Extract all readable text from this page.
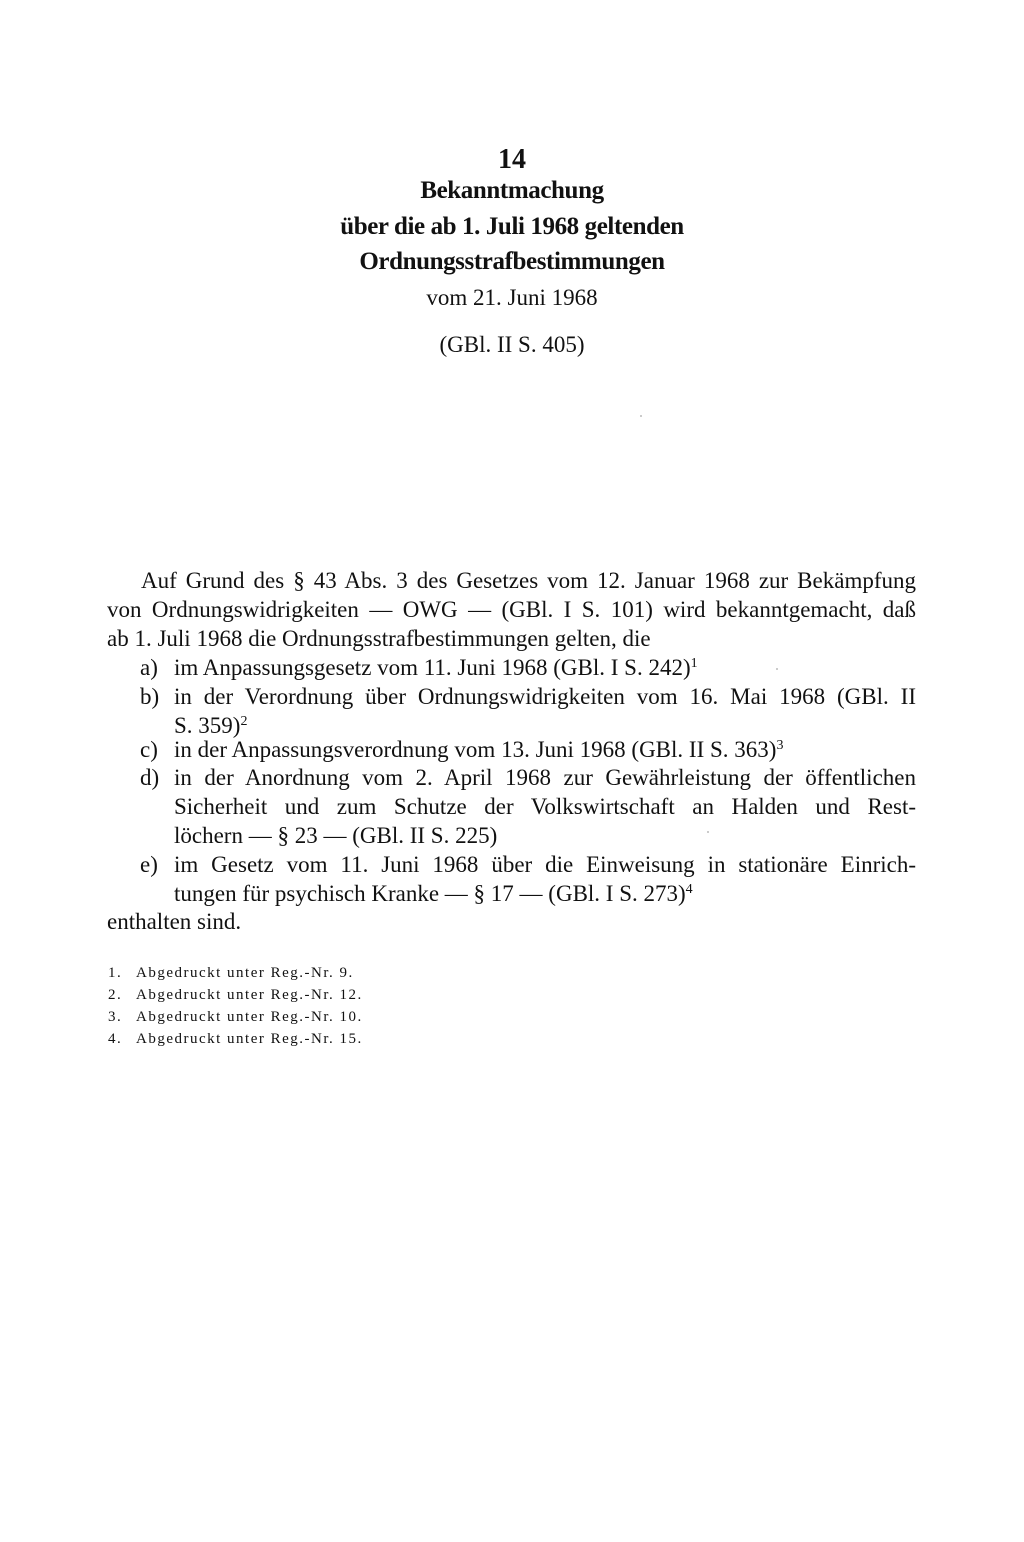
14
Bekanntmachung
über die ab 1. Juli 1968 geltenden
Ordnungsstrafbestimmungen
vom 21. Juni 1968
(GBl. II S. 405)
Auf Grund des § 43 Abs. 3 des Gesetzes vom 12. Januar 1968 zur Bekämpfung
von Ordnungswidrigkeiten — OWG — (GBl. I S. 101) wird bekanntgemacht, daß
ab 1. Juli 1968 die Ordnungsstrafbestimmungen gelten, die
a) im Anpassungsgesetz vom 11. Juni 1968 (GBl. I S. 242)$^1$
b) in der Verordnung über Ordnungswidrigkeiten vom 16. Mai 1968 (GBl. II
S. 359)$^2$
c) in der Anpassungsverordnung vom 13. Juni 1968 (GBl. II S. 363)$^3$
d) in der Anordnung vom 2. April 1968 zur Gewährleistung der öffentlichen
Sicherheit und zum Schutze der Volkswirtschaft an Halden und Rest-
löchern — § 23 — (GBl. II S. 225)
e) im Gesetz vom 11. Juni 1968 über die Einweisung in stationäre Einrich-
tungen für psychisch Kranke — § 17 — (GBl. I S. 273)$^4$
enthalten sind.
1. Abgedruckt unter Reg.-Nr. 9.
2. Abgedruckt unter Reg.-Nr. 12.
3. Abgedruckt unter Reg.-Nr. 10.
4. Abgedruckt unter Reg.-Nr. 15.
